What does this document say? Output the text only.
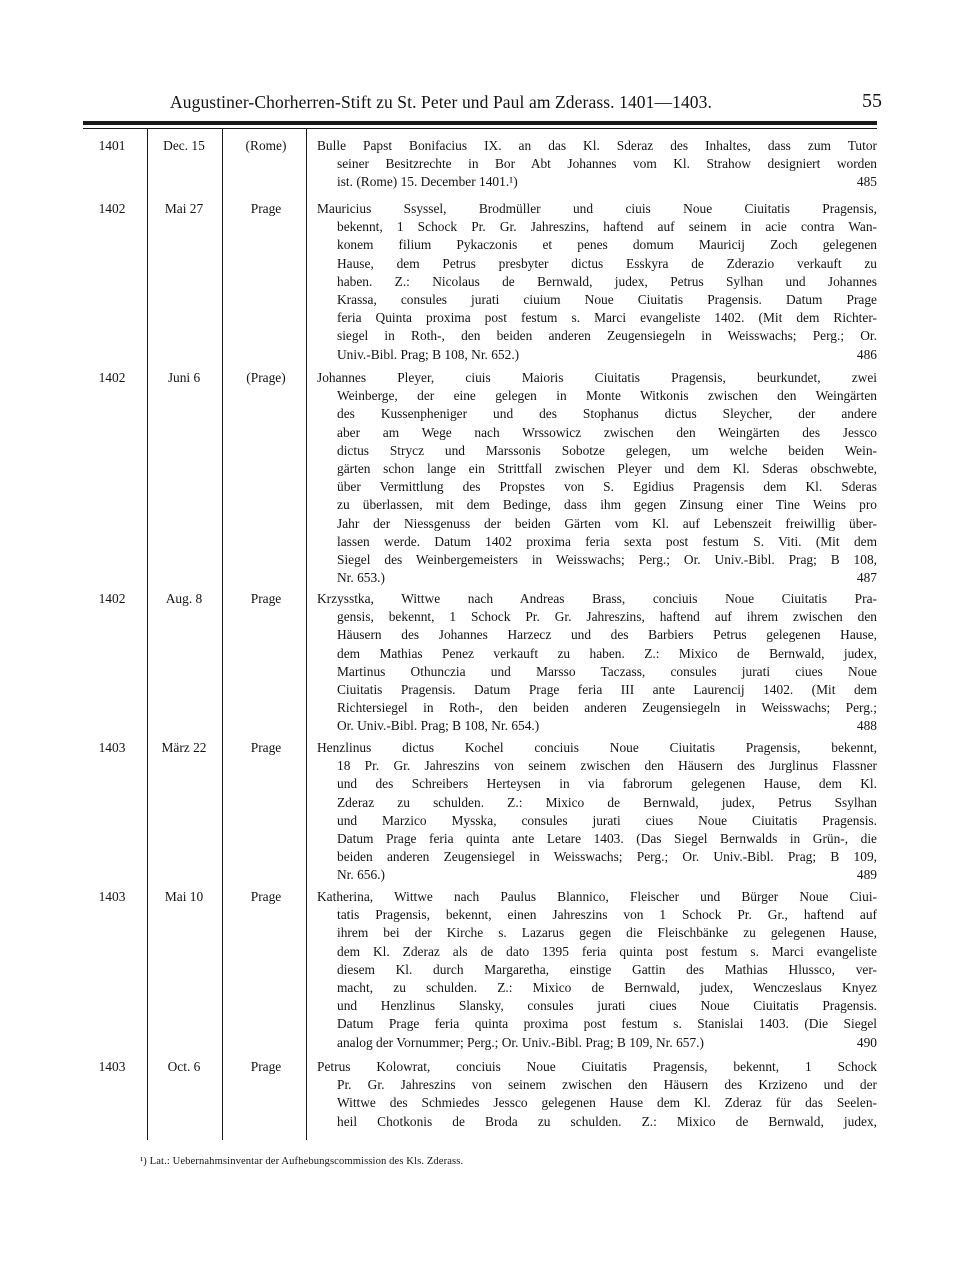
Augustiner-Chorherren-Stift zu St. Peter und Paul am Zderass. 1401—1403.	55
1401	Dec. 15	(Rome)	Bulle Papst Bonifacius IX. an das Kl. Sderaz des Inhaltes, dass zum Tutor
seiner Besitzrechte in Bor Abt Johannes vom Kl. Strahow designiert worden
ist. (Rome) 15. December 1401.¹)	485
1402	Mai 27	Prage	Mauricius Ssyssel, Brodmüller und ciuis Noue Ciuitatis Pragensis,
bekennt, 1 Schock Pr. Gr. Jahreszins, haftend auf seinem in acie contra Wan-
konem filium Pykaczonis et penes domum Mauricij Zoch gelegenen
Hause, dem Petrus presbyter dictus Esskyra de Zderazio verkauft zu
haben. Z.: Nicolaus de Bernwald, judex, Petrus Sylhan und Johannes
Krassa, consules jurati ciuium Noue Ciuitatis Pragensis. Datum Prage
feria Quinta proxima post festum s. Marci evangeliste 1402. (Mit dem Richter-
siegel in Roth-, den beiden anderen Zeugensiegeln in Weisswachs; Perg.; Or.
Univ.-Bibl. Prag; B 108, Nr. 652.)	486
1402	Juni 6	(Prage)	Johannes Pleyer, ciuis Maioris Ciuitatis Pragensis, beurkundet, zwei
Weinberge, der eine gelegen in Monte Witkonis zwischen den Weingärten
des Kussenpheniger und des Stophanus dictus Sleycher, der andere
aber am Wege nach Wrssowicz zwischen den Weingärten des Jessco
dictus Strycz und Marssonis Sobotze gelegen, um welche beiden Wein-
gärten schon lange ein Strittfall zwischen Pleyer und dem Kl. Sderas obschwebte,
über Vermittlung des Propstes von S. Egidius Pragensis dem Kl. Sderas
zu überlassen, mit dem Bedinge, dass ihm gegen Zinsung einer Tine Weins pro
Jahr der Niessgenuss der beiden Gärten vom Kl. auf Lebenszeit freiwillig über-
lassen werde. Datum 1402 proxima feria sexta post festum S. Viti. (Mit dem
Siegel des Weinbergemeisters in Weisswachs; Perg.; Or. Univ.-Bibl. Prag; B 108,
Nr. 653.)	487
1402	Aug. 8	Prage	Krzysstka, Wittwe nach Andreas Brass, conciuis Noue Ciuitatis Pra-
gensis, bekennt, 1 Schock Pr. Gr. Jahreszins, haftend auf ihrem zwischen den
Häusern des Johannes Harzecz und des Barbiers Petrus gelegenen Hause,
dem Mathias Penez verkauft zu haben. Z.: Mixico de Bernwald, judex,
Martinus Othunczia und Marsso Taczass, consules jurati ciues Noue
Ciuitatis Pragensis. Datum Prage feria III ante Laurencij 1402. (Mit dem
Richtersiegel in Roth-, den beiden anderen Zeugensiegeln in Weisswachs; Perg.;
Or. Univ.-Bibl. Prag; B 108, Nr. 654.)	488
1403	März 22	Prage	Henzlinus dictus Kochel conciuis Noue Ciuitatis Pragensis, bekennt,
18 Pr. Gr. Jahreszins von seinem zwischen den Häusern des Jurglinus Flassner
und des Schreibers Herteysen in via fabrorum gelegenen Hause, dem Kl.
Zderaz zu schulden. Z.: Mixico de Bernwald, judex, Petrus Ssylhan
und Marzico Mysska, consules jurati ciues Noue Ciuitatis Pragensis.
Datum Prage feria quinta ante Letare 1403. (Das Siegel Bernwalds in Grün-, die
beiden anderen Zeugensiegel in Weisswachs; Perg.; Or. Univ.-Bibl. Prag; B 109,
Nr. 656.)	489
1403	Mai 10	Prage	Katherina, Wittwe nach Paulus Blannico, Fleischer und Bürger Noue Ciui-
tatis Pragensis, bekennt, einen Jahreszins von 1 Schock Pr. Gr., haftend auf
ihrem bei der Kirche s. Lazarus gegen die Fleischbänke zu gelegenen Hause,
dem Kl. Zderaz als de dato 1395 feria quinta post festum s. Marci evangeliste
diesem Kl. durch Margaretha, einstige Gattin des Mathias Hlussco, ver-
macht, zu schulden. Z.: Mixico de Bernwald, judex, Wenczeslaus Knyez
und Henzlinus Slansky, consules jurati ciues Noue Ciuitatis Pragensis.
Datum Prage feria quinta proxima post festum s. Stanislai 1403. (Die Siegel
analog der Vornummer; Perg.; Or. Univ.-Bibl. Prag; B 109, Nr. 657.)	490
1403	Oct. 6	Prage	Petrus Kolowrat, conciuis Noue Ciuitatis Pragensis, bekennt, 1 Schock
Pr. Gr. Jahreszins von seinem zwischen den Häusern des Krzizeno und der
Wittwe des Schmiedes Jessco gelegenen Hause dem Kl. Zderaz für das Seelen-
heil Chotkonis de Broda zu schulden. Z.: Mixico de Bernwald, judex,
¹) Lat.: Uebernahmsinventar der Aufhebungscommission des Kls. Zderass.
